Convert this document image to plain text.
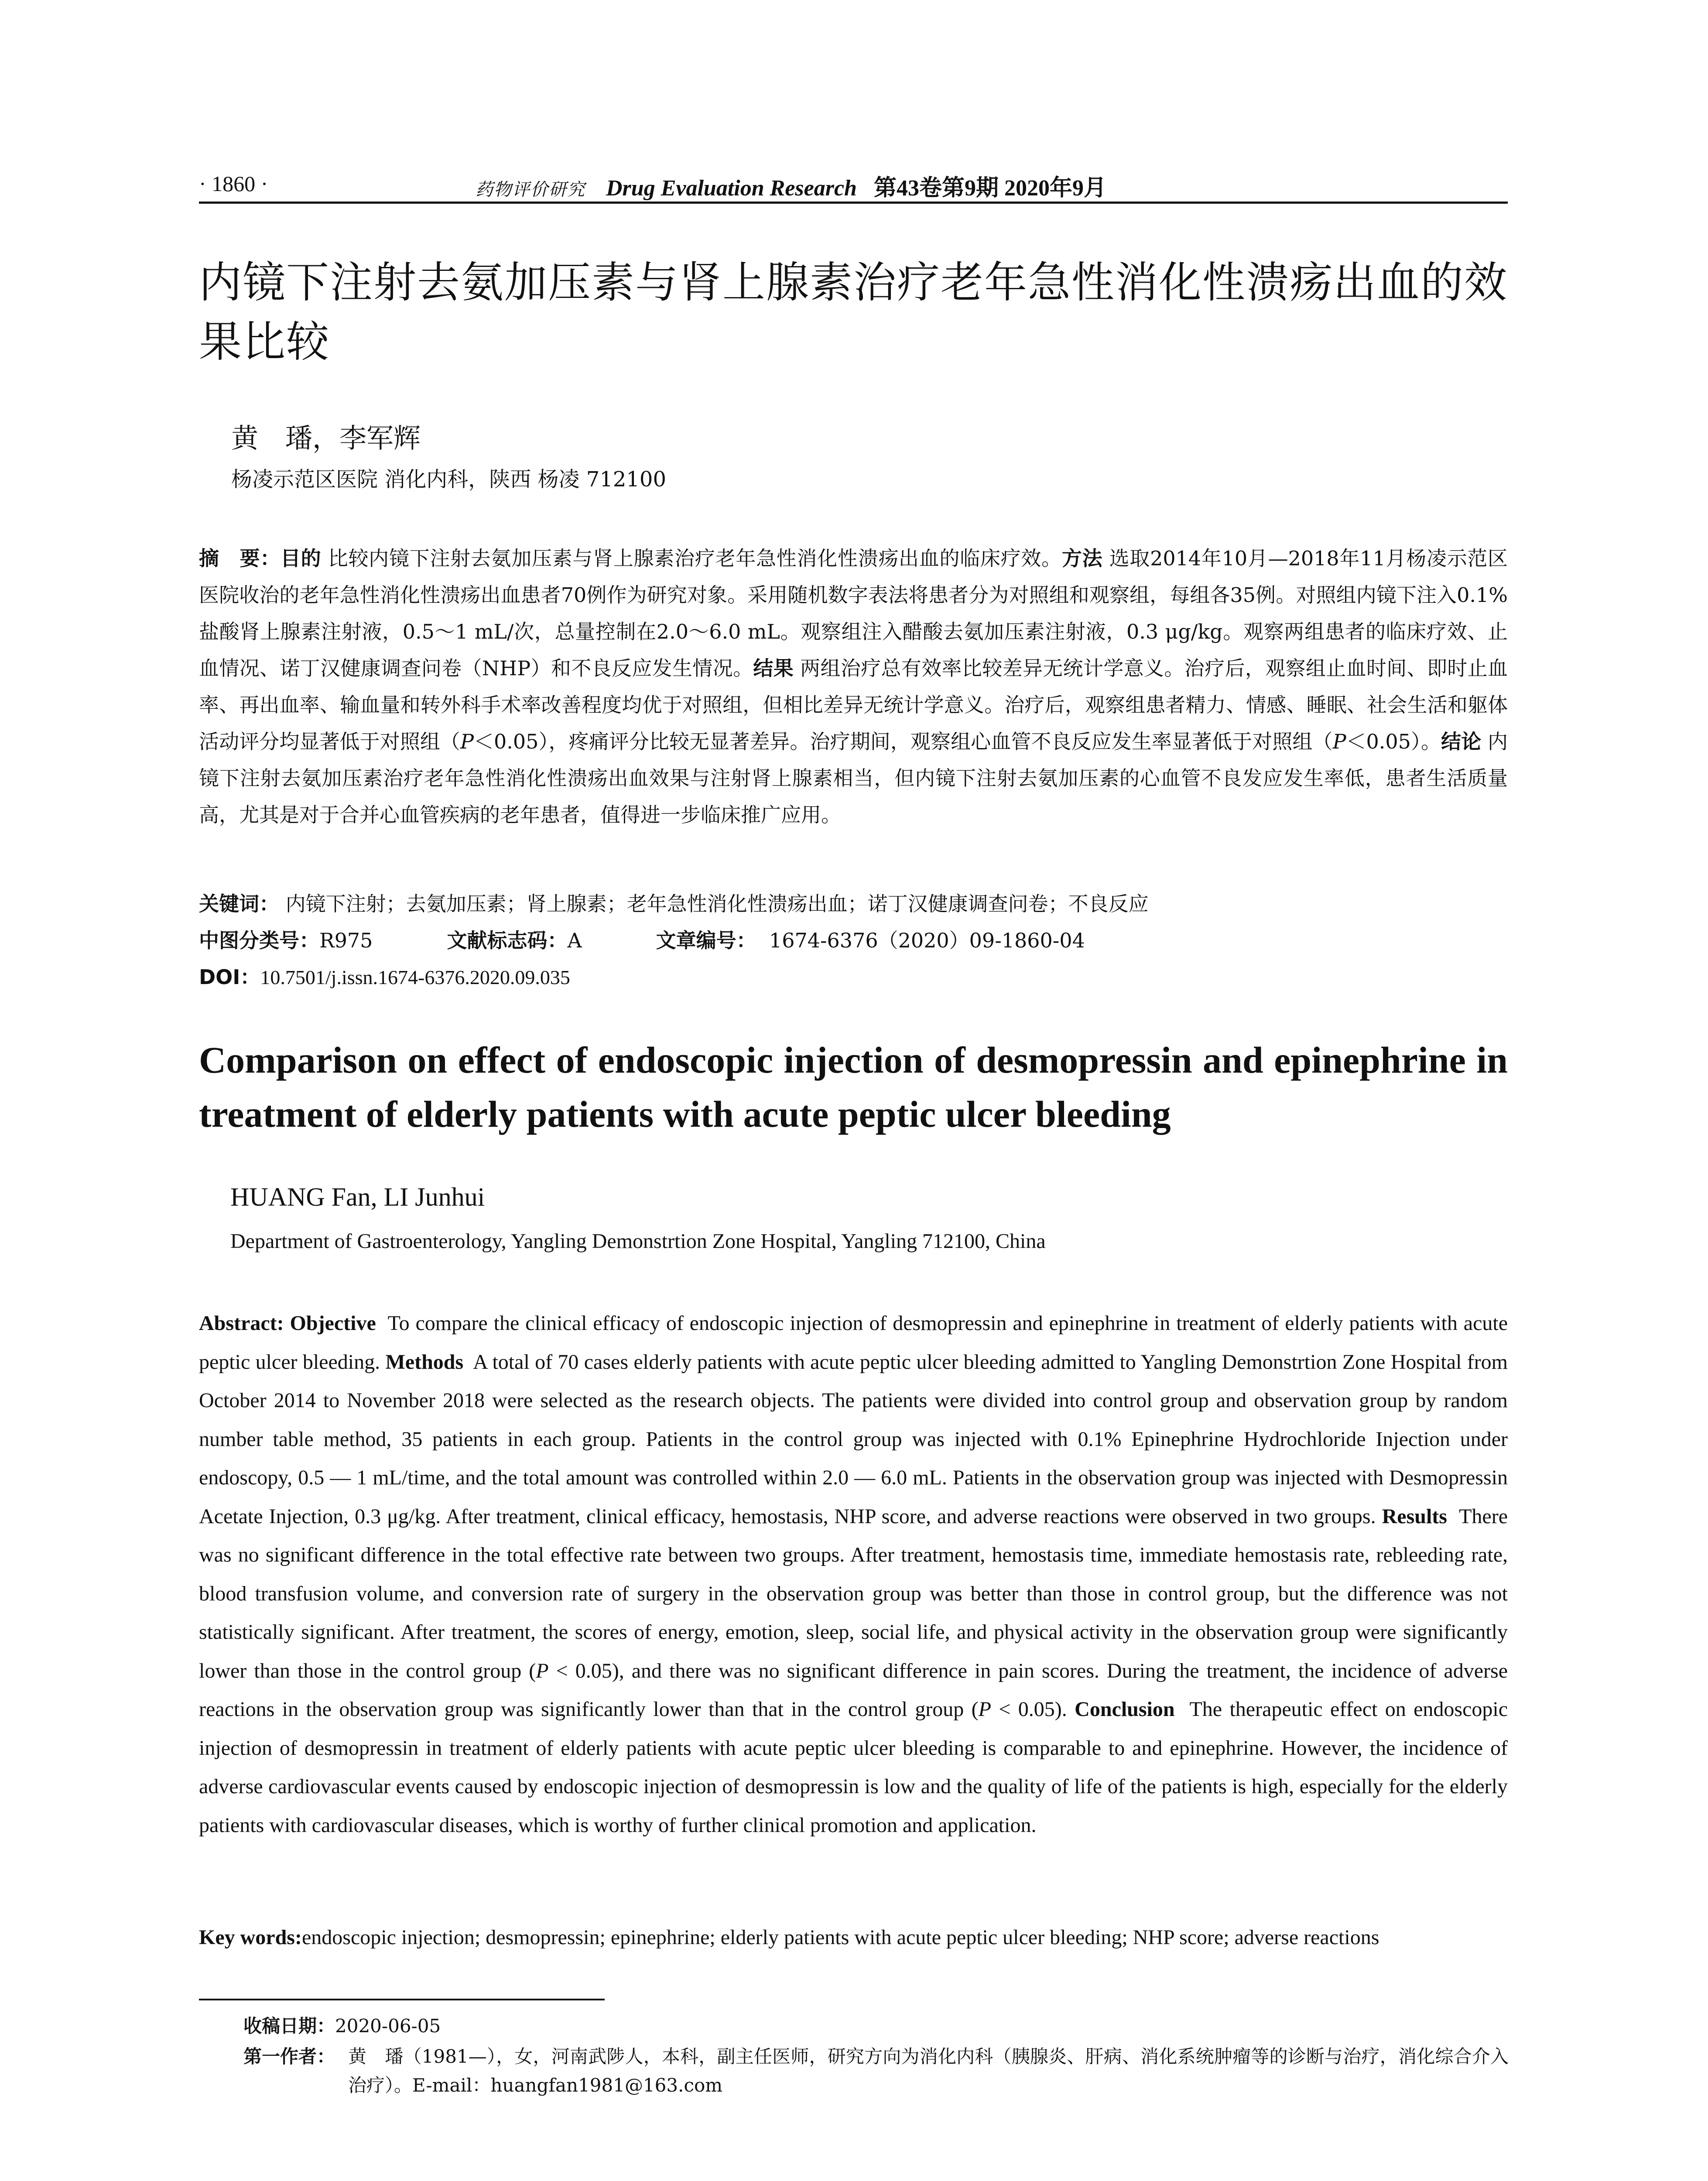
· 1860 ·	药物评价研究 Drug Evaluation Research 第43卷第9期 2020年9月
内镜下注射去氨加压素与肾上腺素治疗老年急性消化性溃疡出血的效果比较
黄　璠，李军辉
杨凌示范区医院 消化内科，陕西 杨凌 712100
摘　要：目的 比较内镜下注射去氨加压素与肾上腺素治疗老年急性消化性溃疡出血的临床疗效。方法 选取2014年10月—2018年11月杨凌示范区医院收治的老年急性消化性溃疡出血患者70例作为研究对象。采用随机数字表法将患者分为对照组和观察组，每组各35例。对照组内镜下注入0.1%盐酸肾上腺素注射液，0.5～1 mL/次，总量控制在2.0～6.0 mL。观察组注入醋酸去氨加压素注射液，0.3 μg/kg。观察两组患者的临床疗效、止血情况、诺丁汉健康调查问卷（NHP）和不良反应发生情况。结果 两组治疗总有效率比较差异无统计学意义。治疗后，观察组止血时间、即时止血率、再出血率、输血量和转外科手术率改善程度均优于对照组，但相比差异无统计学意义。治疗后，观察组患者精力、情感、睡眠、社会生活和躯体活动评分均显著低于对照组（P＜0.05），疼痛评分比较无显著差异。治疗期间，观察组心血管不良反应发生率显著低于对照组（P＜0.05）。结论 内镜下注射去氨加压素治疗老年急性消化性溃疡出血效果与注射肾上腺素相当，但内镜下注射去氨加压素的心血管不良发应发生率低，患者生活质量高，尤其是对于合并心血管疾病的老年患者，值得进一步临床推广应用。
关键词： 内镜下注射；去氨加压素；肾上腺素；老年急性消化性溃疡出血；诺丁汉健康调查问卷；不良反应
中图分类号：R975	文献标志码：A	文章编号： 1674-6376（2020）09-1860-04
DOI：10.7501/j.issn.1674-6376.2020.09.035
Comparison on effect of endoscopic injection of desmopressin and epinephrine in treatment of elderly patients with acute peptic ulcer bleeding
HUANG Fan, LI Junhui
Department of Gastroenterology, Yangling Demonstrtion Zone Hospital, Yangling 712100, China
Abstract: Objective To compare the clinical efficacy of endoscopic injection of desmopressin and epinephrine in treatment of elderly patients with acute peptic ulcer bleeding. Methods A total of 70 cases elderly patients with acute peptic ulcer bleeding admitted to Yangling Demonstrtion Zone Hospital from October 2014 to November 2018 were selected as the research objects. The patients were divided into control group and observation group by random number table method, 35 patients in each group. Patients in the control group was injected with 0.1% Epinephrine Hydrochloride Injection under endoscopy, 0.5 — 1 mL/time, and the total amount was controlled within 2.0 — 6.0 mL. Patients in the observation group was injected with Desmopressin Acetate Injection, 0.3 μg/kg. After treatment, clinical efficacy, hemostasis, NHP score, and adverse reactions were observed in two groups. Results There was no significant difference in the total effective rate between two groups. After treatment, hemostasis time, immediate hemostasis rate, rebleeding rate, blood transfusion volume, and conversion rate of surgery in the observation group was better than those in control group, but the difference was not statistically significant. After treatment, the scores of energy, emotion, sleep, social life, and physical activity in the observation group were significantly lower than those in the control group (P < 0.05), and there was no significant difference in pain scores. During the treatment, the incidence of adverse reactions in the observation group was significantly lower than that in the control group (P < 0.05). Conclusion The therapeutic effect on endoscopic injection of desmopressin in treatment of elderly patients with acute peptic ulcer bleeding is comparable to and epinephrine. However, the incidence of adverse cardiovascular events caused by endoscopic injection of desmopressin is low and the quality of life of the patients is high, especially for the elderly patients with cardiovascular diseases, which is worthy of further clinical promotion and application.
Key words:endoscopic injection; desmopressin; epinephrine; elderly patients with acute peptic ulcer bleeding; NHP score; adverse reactions
收稿日期：2020-06-05
第一作者： 黄　璠（1981—），女，河南武陟人，本科，副主任医师，研究方向为消化内科（胰腺炎、肝病、消化系统肿瘤等的诊断与治疗，消化综合介入治疗）。E-mail：huangfan1981@163.com
